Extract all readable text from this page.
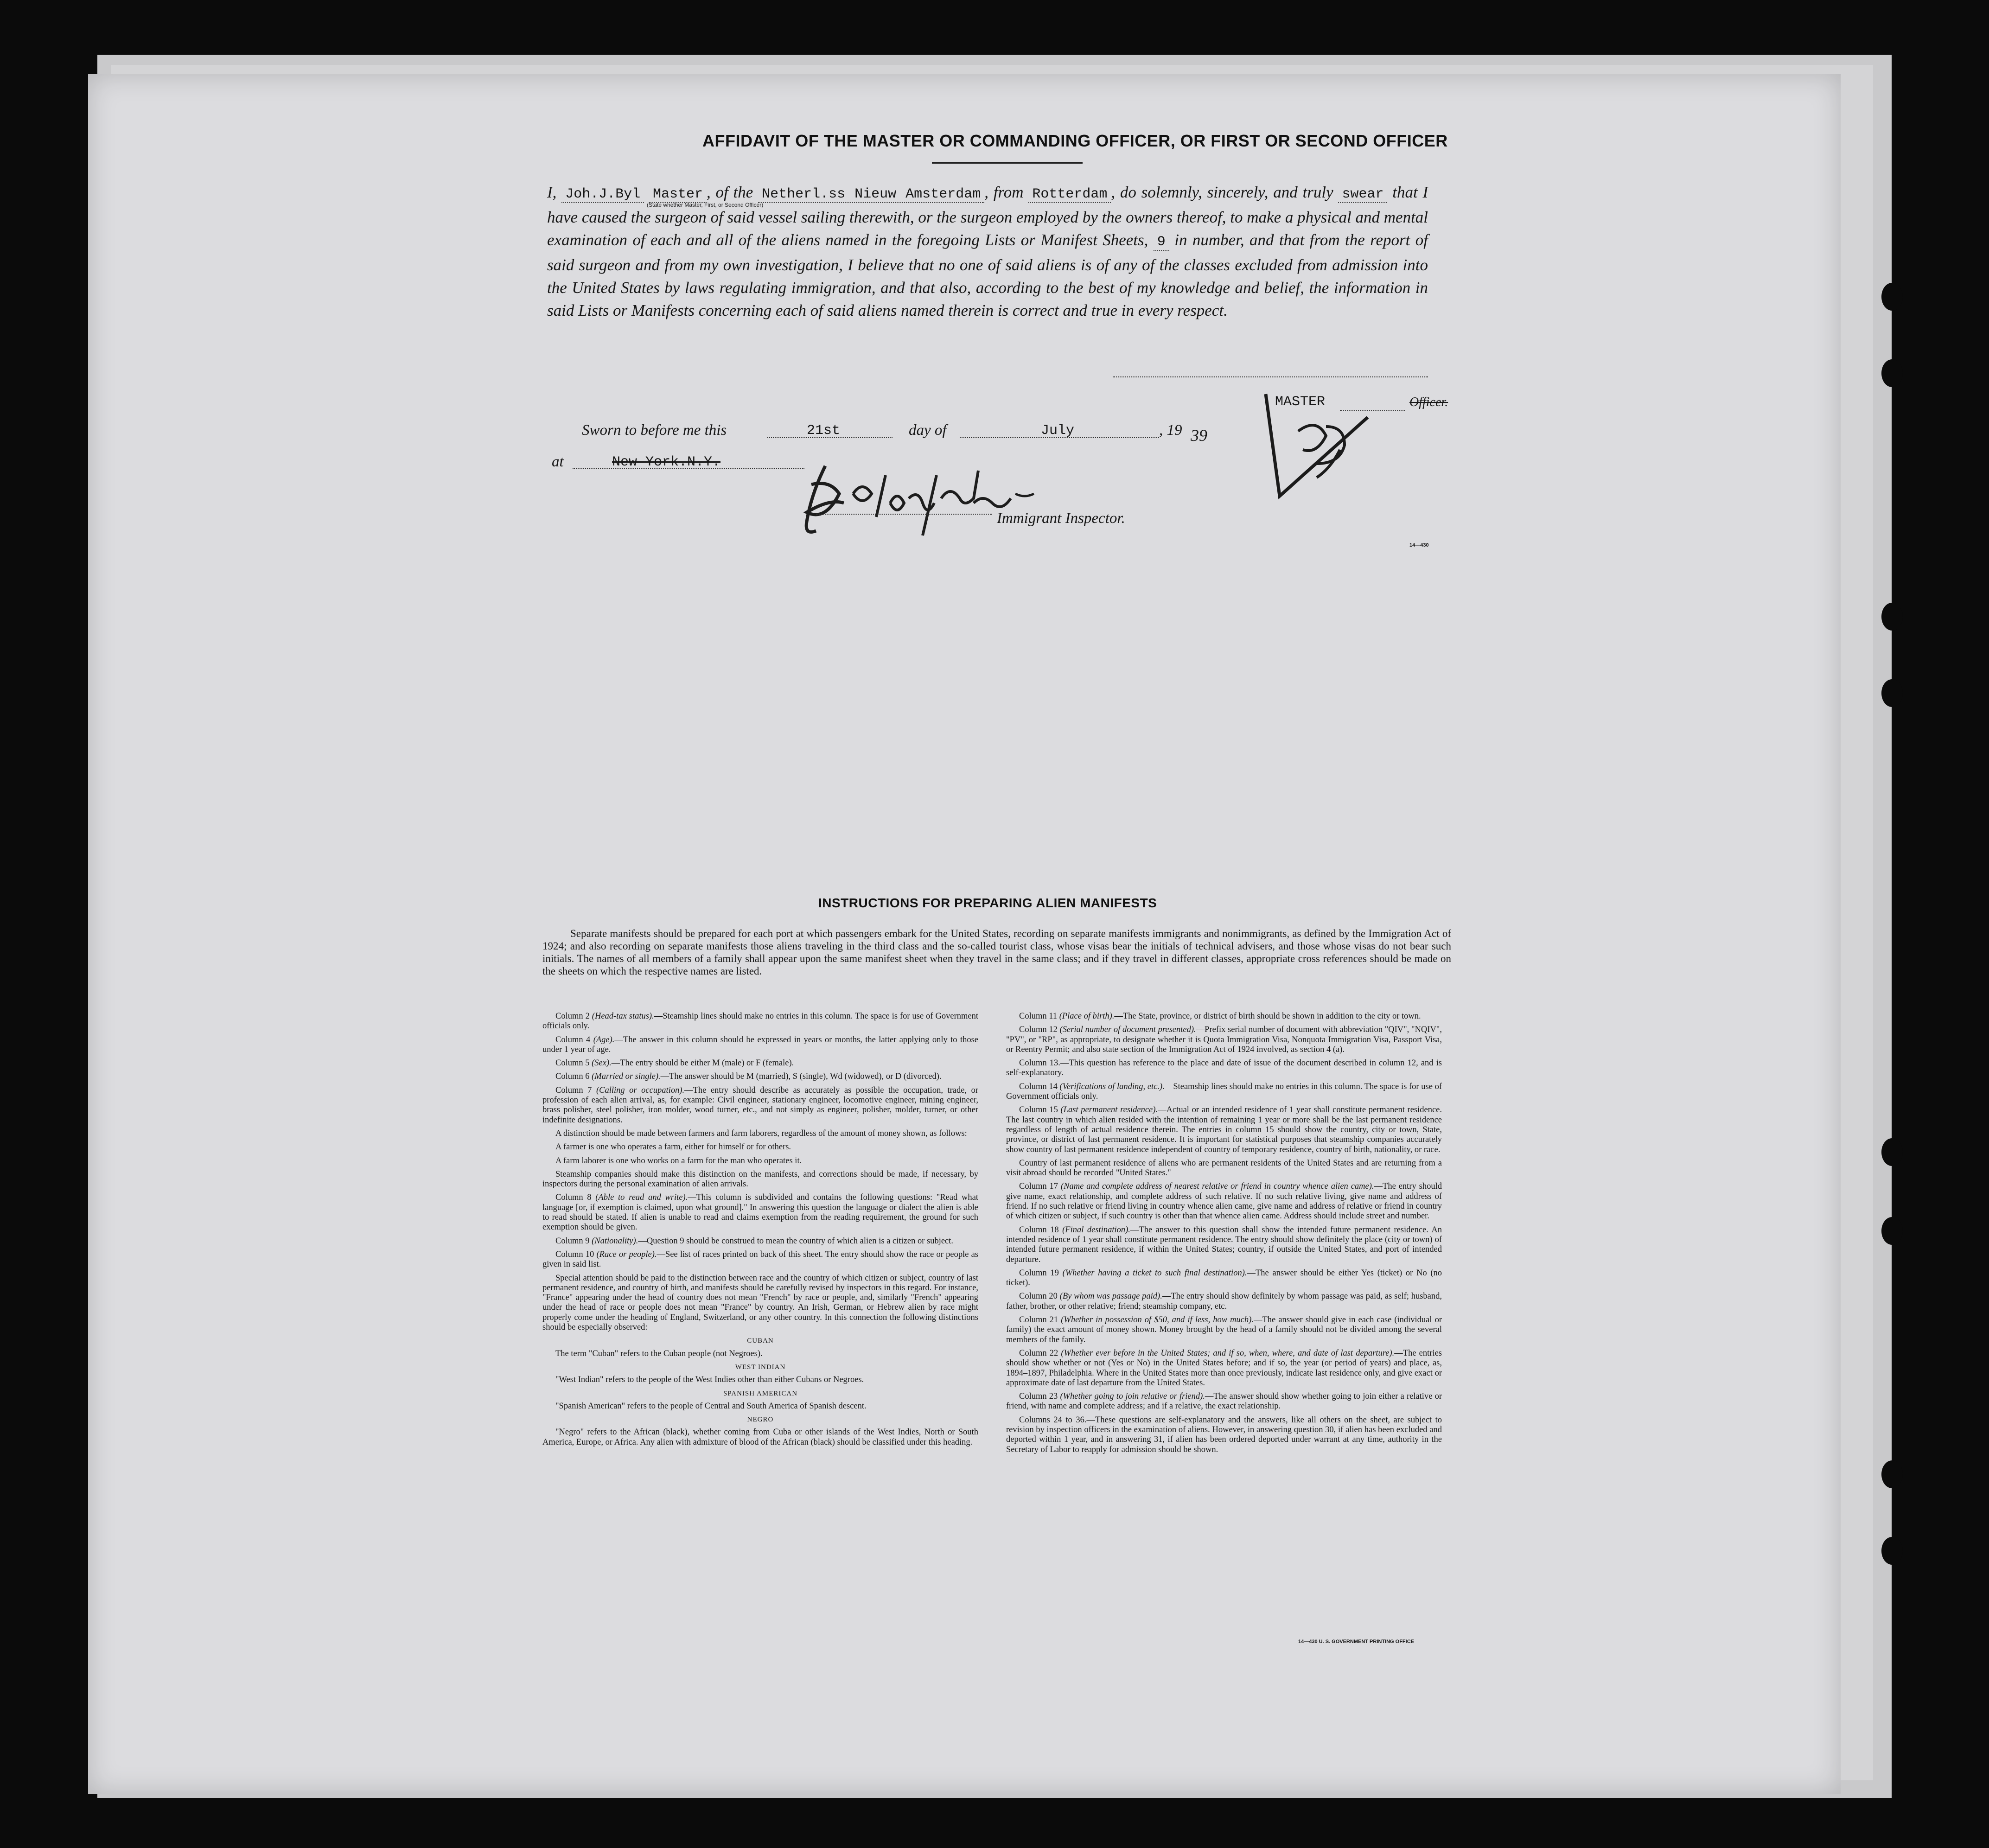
AFFIDAVIT OF THE MASTER OR COMMANDING OFFICER, OR FIRST OR SECOND OFFICER

I, Joh.J.Byl Master , of the Netherl.ss Nieuw Amsterdam , from Rotterdam , do solemnly, sincerely, and truly swear that I have caused the surgeon of said vessel sailing therewith, or the surgeon employed by the owners thereof, to make a physical and mental examination of each and all of the aliens named in the foregoing Lists or Manifest Sheets, 9 in number, and that from the report of said surgeon and from my own investigation, I believe that no one of said aliens is of any of the classes excluded from admission into the United States by laws regulating immigration, and that also, according to the best of my knowledge and belief, the information in said Lists or Manifests concerning each of said aliens named therein is correct and true in every respect.

(State whether Master, First, or Second Officer)
MASTER	Officer.
Sworn to before me this	21st	day of	July	, 19 39
at	New York.N.Y.
Immigrant Inspector.
14—430
INSTRUCTIONS FOR PREPARING ALIEN MANIFESTS
Separate manifests should be prepared for each port at which passengers embark for the United States, recording on separate manifests immigrants and nonimmigrants, as defined by the Immigration Act of 1924; and also recording on separate manifests those aliens traveling in the third class and the so-called tourist class, whose visas bear the initials of technical advisers, and those whose visas do not bear such initials. The names of all members of a family shall appear upon the same manifest sheet when they travel in the same class; and if they travel in different classes, appropriate cross references should be made on the sheets on which the respective names are listed.

Column 2 (Head-tax status).—Steamship lines should make no entries in this column. The space is for use of Government officials only.

Column 4 (Age).—The answer in this column should be expressed in years or months, the latter applying only to those under 1 year of age.

Column 5 (Sex).—The entry should be either M (male) or F (female).

Column 6 (Married or single).—The answer should be M (married), S (single), Wd (widowed), or D (divorced).

Column 7 (Calling or occupation).—The entry should describe as accurately as possible the occupation, trade, or profession of each alien arrival, as, for example: Civil engineer, stationary engineer, locomotive engineer, mining engineer, brass polisher, steel polisher, iron molder, wood turner, etc., and not simply as engineer, polisher, molder, turner, or other indefinite designations.

A distinction should be made between farmers and farm laborers, regardless of the amount of money shown, as follows:

A farmer is one who operates a farm, either for himself or for others.

A farm laborer is one who works on a farm for the man who operates it.

Steamship companies should make this distinction on the manifests, and corrections should be made, if necessary, by inspectors during the personal examination of alien arrivals.

Column 8 (Able to read and write).—This column is subdivided and contains the following questions: "Read what language [or, if exemption is claimed, upon what ground]." In answering this question the language or dialect the alien is able to read should be stated. If alien is unable to read and claims exemption from the reading requirement, the ground for such exemption should be given.

Column 9 (Nationality).—Question 9 should be construed to mean the country of which alien is a citizen or subject.

Column 10 (Race or people).—See list of races printed on back of this sheet. The entry should show the race or people as given in said list.

Special attention should be paid to the distinction between race and the country of which citizen or subject, country of last permanent residence, and country of birth, and manifests should be carefully revised by inspectors in this regard. For instance, "France" appearing under the head of country does not mean "French" by race or people, and, similarly "French" appearing under the head of race or people does not mean "France" by country. An Irish, German, or Hebrew alien by race might properly come under the heading of England, Switzerland, or any other country. In this connection the following distinctions should be especially observed:

CUBAN

The term "Cuban" refers to the Cuban people (not Negroes).

WEST INDIAN

"West Indian" refers to the people of the West Indies other than either Cubans or Negroes.

SPANISH AMERICAN

"Spanish American" refers to the people of Central and South America of Spanish descent.

NEGRO

"Negro" refers to the African (black), whether coming from Cuba or other islands of the West Indies, North or South America, Europe, or Africa. Any alien with admixture of blood of the African (black) should be classified under this heading.

Column 11 (Place of birth).—The State, province, or district of birth should be shown in addition to the city or town.

Column 12 (Serial number of document presented).—Prefix serial number of document with abbreviation "QIV", "NQIV", "PV", or "RP", as appropriate, to designate whether it is Quota Immigration Visa, Nonquota Immigration Visa, Passport Visa, or Reentry Permit; and also state section of the Immigration Act of 1924 involved, as section 4 (a).

Column 13.—This question has reference to the place and date of issue of the document described in column 12, and is self-explanatory.

Column 14 (Verifications of landing, etc.).—Steamship lines should make no entries in this column. The space is for use of Government officials only.

Column 15 (Last permanent residence).—Actual or an intended residence of 1 year shall constitute permanent residence. The last country in which alien resided with the intention of remaining 1 year or more shall be the last permanent residence regardless of length of actual residence therein. The entries in column 15 should show the country, city or town, State, province, or district of last permanent residence. It is important for statistical purposes that steamship companies accurately show country of last permanent residence independent of country of temporary residence, country of birth, nationality, or race.

Country of last permanent residence of aliens who are permanent residents of the United States and are returning from a visit abroad should be recorded "United States."

Column 17 (Name and complete address of nearest relative or friend in country whence alien came).—The entry should give name, exact relationship, and complete address of such relative. If no such relative living, give name and address of friend. If no such relative or friend living in country whence alien came, give name and address of relative or friend in country of which citizen or subject, if such country is other than that whence alien came. Address should include street and number.

Column 18 (Final destination).—The answer to this question shall show the intended future permanent residence. An intended residence of 1 year shall constitute permanent residence. The entry should show definitely the place (city or town) of intended future permanent residence, if within the United States; country, if outside the United States, and port of intended departure.

Column 19 (Whether having a ticket to such final destination).—The answer should be either Yes (ticket) or No (no ticket).

Column 20 (By whom was passage paid).—The entry should show definitely by whom passage was paid, as self; husband, father, brother, or other relative; friend; steamship company, etc.

Column 21 (Whether in possession of $50, and if less, how much).—The answer should give in each case (individual or family) the exact amount of money shown. Money brought by the head of a family should not be divided among the several members of the family.

Column 22 (Whether ever before in the United States; and if so, when, where, and date of last departure).—The entries should show whether or not (Yes or No) in the United States before; and if so, the year (or period of years) and place, as, 1894–1897, Philadelphia. Where in the United States more than once previously, indicate last residence only, and give exact or approximate date of last departure from the United States.

Column 23 (Whether going to join relative or friend).—The answer should show whether going to join either a relative or friend, with name and complete address; and if a relative, the exact relationship.

Columns 24 to 36.—These questions are self-explanatory and the answers, like all others on the sheet, are subject to revision by inspection officers in the examination of aliens. However, in answering question 30, if alien has been excluded and deported within 1 year, and in answering 31, if alien has been ordered deported under warrant at any time, authority in the Secretary of Labor to reapply for admission should be shown.

14—430 U. S. GOVERNMENT PRINTING OFFICE
